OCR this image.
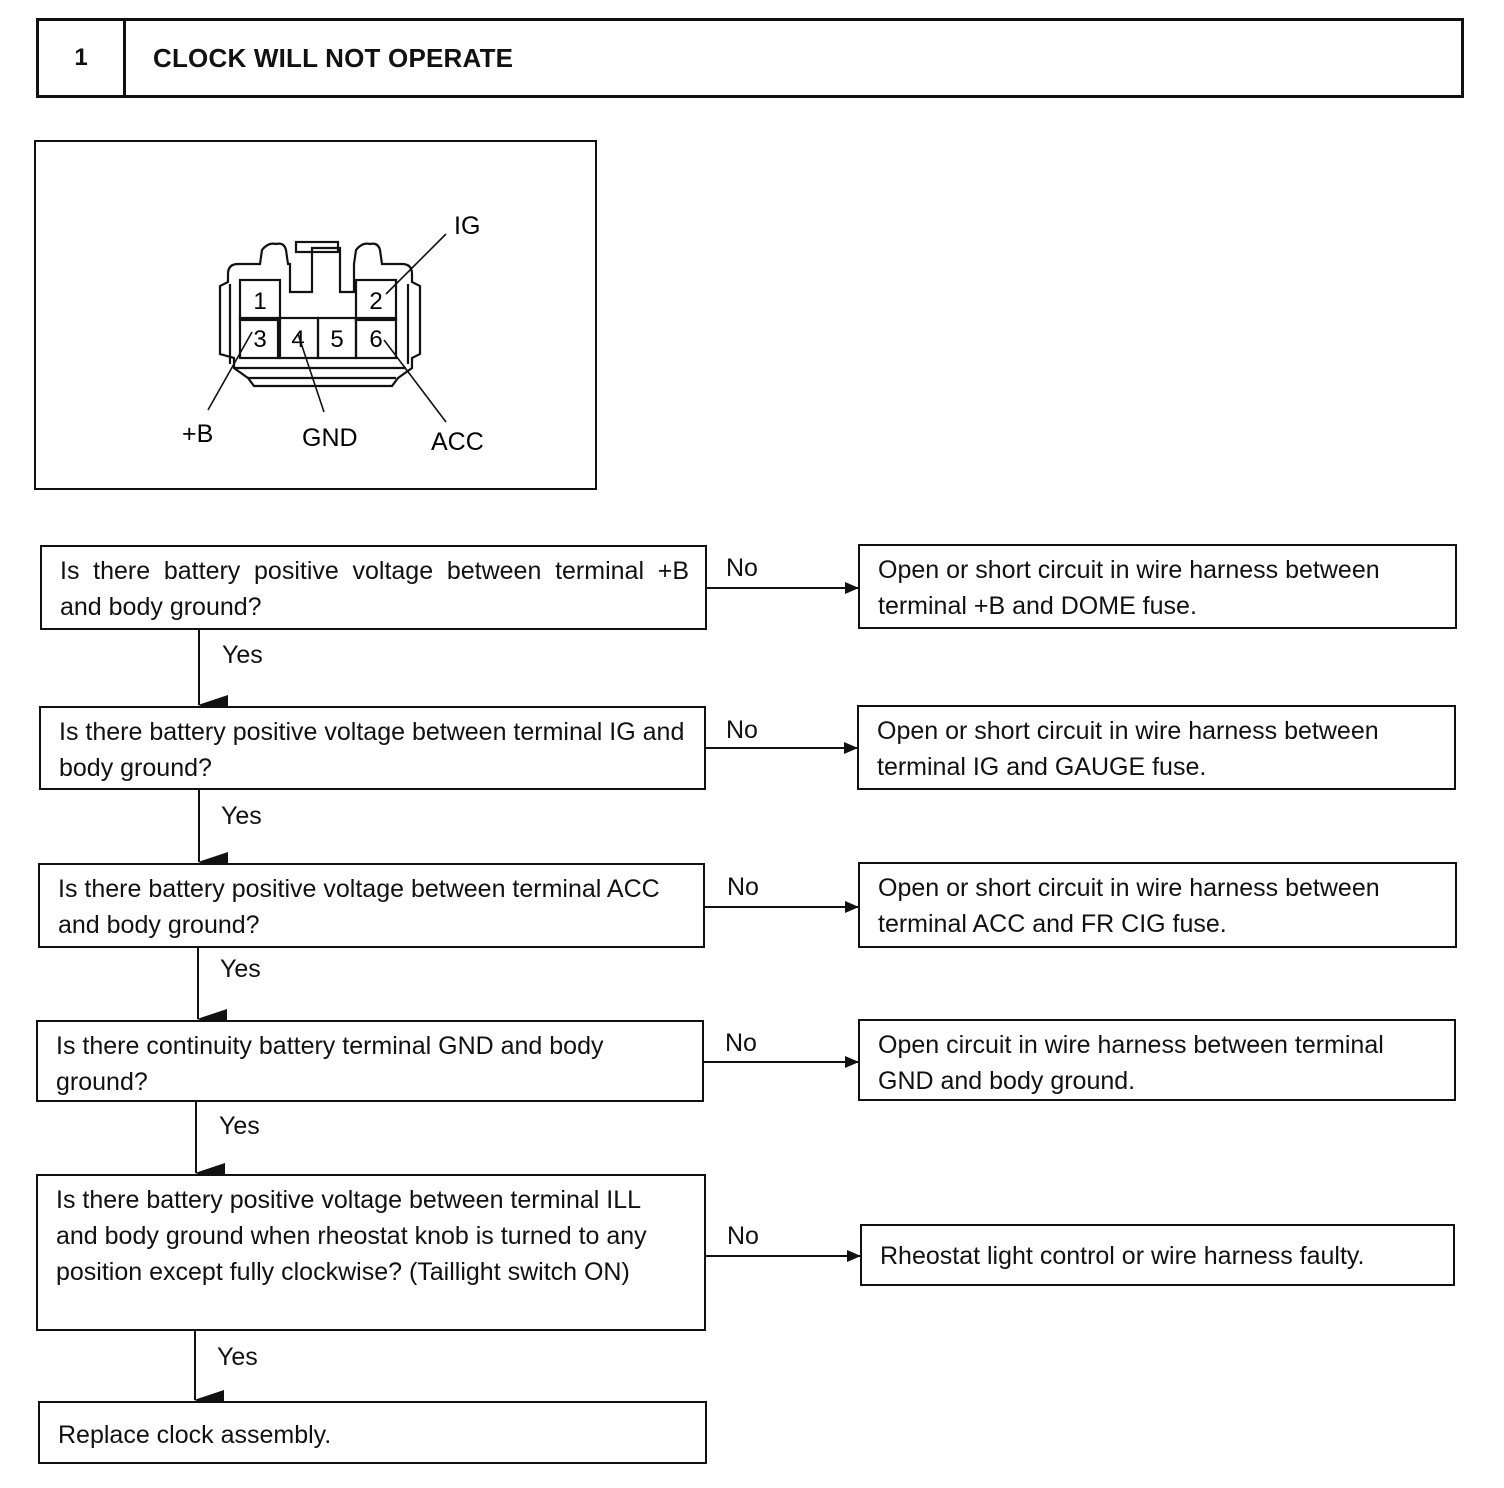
1	CLOCK WILL NOT OPERATE
1	2
3 4 5 6
IG
+B	GND	ACC
Is there battery positive voltage between terminal +B and body ground?
No	Open or short circuit in wire harness between terminal +B and DOME fuse.
Yes
Is there battery positive voltage between terminal IG and body ground?
No	Open or short circuit in wire harness between terminal IG and GAUGE fuse.
Yes
Is there battery positive voltage between terminal ACC and body ground?
No	Open or short circuit in wire harness between terminal ACC and FR CIG fuse.
Yes
Is there continuity battery terminal GND and body ground?
No	Open circuit in wire harness between terminal GND and body ground.
Yes
Is there battery positive voltage between terminal ILL and body ground when rheostat knob is turned to any position except fully clockwise? (Taillight switch ON)
No
Rheostat light control or wire harness faulty.
Yes
Replace clock assembly.
